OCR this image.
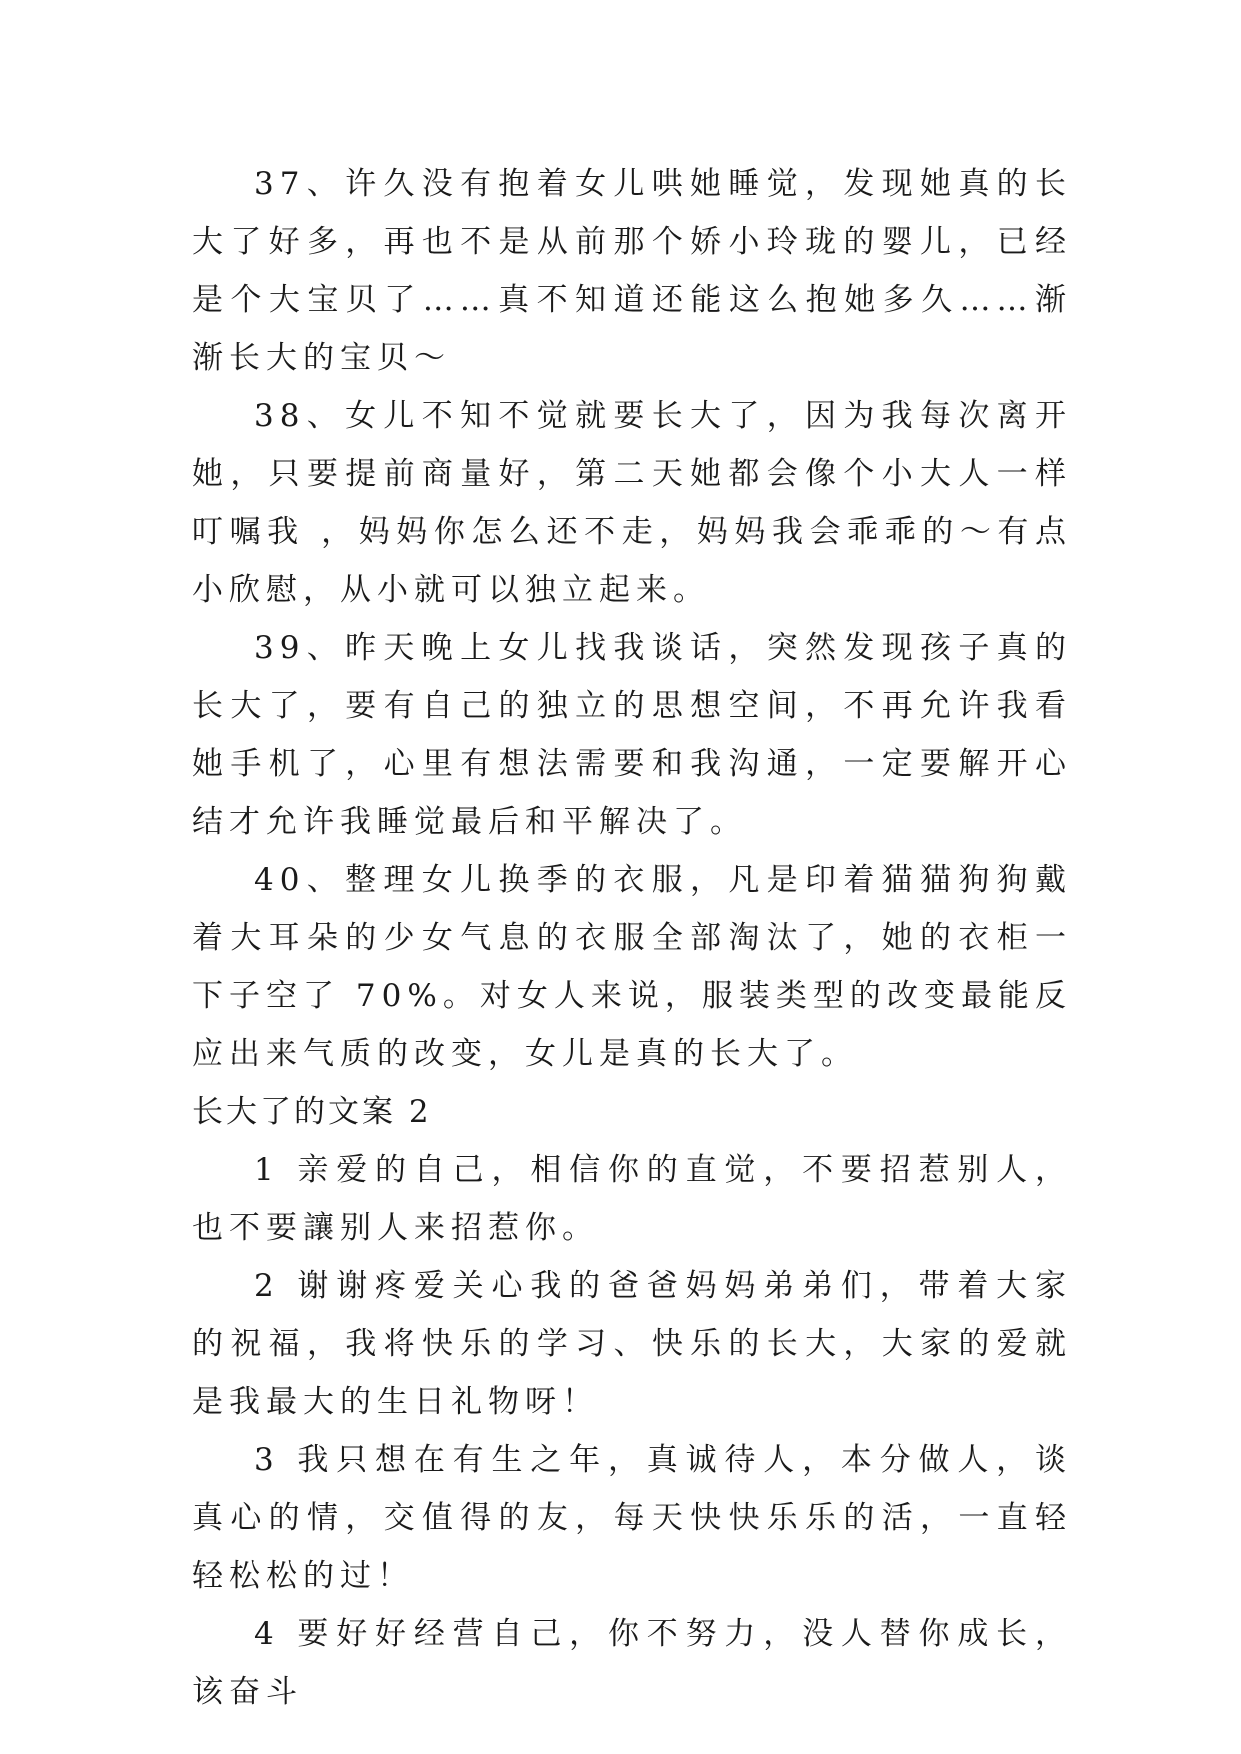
37、许久没有抱着女儿哄她睡觉，发现她真的长大了好多，再也不是从前那个娇小玲珑的婴儿，已经是个大宝贝了……真不知道还能这么抱她多久……渐渐长大的宝贝～

38、女儿不知不觉就要长大了，因为我每次离开她，只要提前商量好，第二天她都会像个小大人一样叮嘱我 ，妈妈你怎么还不走，妈妈我会乖乖的～有点小欣慰，从小就可以独立起来。

39、昨天晚上女儿找我谈话，突然发现孩子真的长大了，要有自己的独立的思想空间，不再允许我看她手机了，心里有想法需要和我沟通，一定要解开心结才允许我睡觉最后和平解决了。

40、整理女儿换季的衣服，凡是印着猫猫狗狗戴着大耳朵的少女气息的衣服全部淘汰了，她的衣柜一下子空了 70%。对女人来说，服装类型的改变最能反应出来气质的改变，女儿是真的长大了。

长大了的文案 2

1 亲爱的自己，相信你的直觉，不要招惹别人，也不要讓别人来招惹你。

2 谢谢疼爱关心我的爸爸妈妈弟弟们，带着大家的祝福，我将快乐的学习、快乐的长大，大家的爱就是我最大的生日礼物呀！

3 我只想在有生之年，真诚待人，本分做人，谈真心的情，交值得的友，每天快快乐乐的活，一直轻轻松松的过！

4 要好好经营自己，你不努力，没人替你成长，该奋斗
